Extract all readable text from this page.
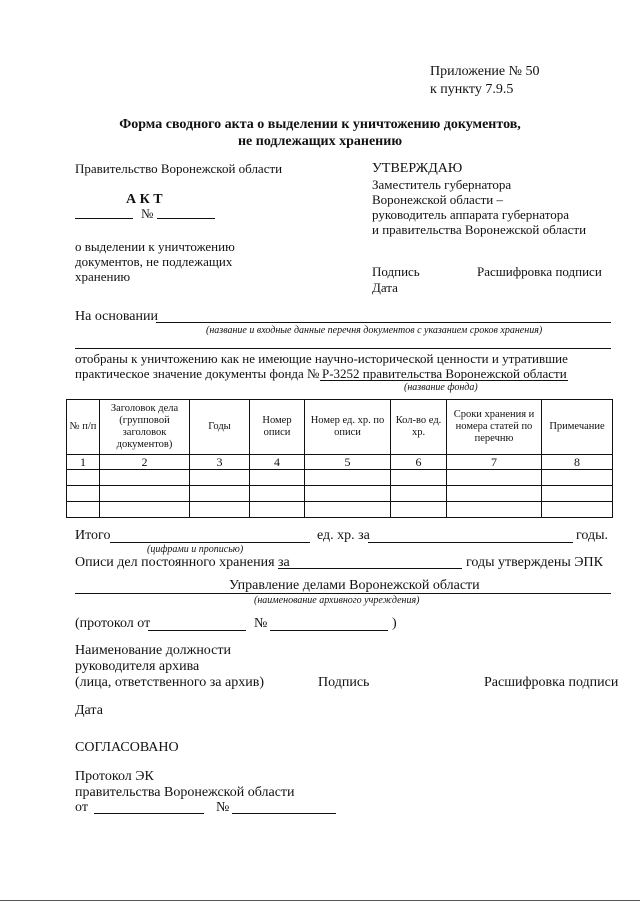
Приложение № 50
к пункту 7.9.5
Форма сводного акта о выделении к уничтожению документов,
не подлежащих хранению
Правительство Воронежской области
А К Т
№
о выделении к уничтожению
документов, не подлежащих
хранению
УТВЕРЖДАЮ
Заместитель губернатора
Воронежской области –
руководитель аппарата губернатора
и правительства Воронежской области
Подпись	Расшифровка подписи
Дата
На основании
(название и входные данные перечня документов с указанием сроков хранения)
отобраны к уничтожению как не имеющие научно-исторической ценности и утратившие
практическое значение документы фонда № Р-3252 правительства Воронежской области
(название фонда)
№ п/п	Заголовок дела (групповой заголовок документов)	Годы	Номер описи	Номер ед. хр. по описи	Кол-во ед. хр.	Сроки хранения и номера статей по перечню	Примечание
1	2	3	4	5	6	7	8

Итого	ед. хр. за	годы.
(цифрами и прописью)
Описи дел постоянного хранения за	годы утверждены ЭПК
Управление делами Воронежской области
(наименование архивного учреждения)
(протокол от	№	)
Наименование должности
руководителя архива
(лица, ответственного за архив)	Подпись	Расшифровка подписи
Дата
СОГЛАСОВАНО
Протокол ЭК
правительства Воронежской области
от	№
